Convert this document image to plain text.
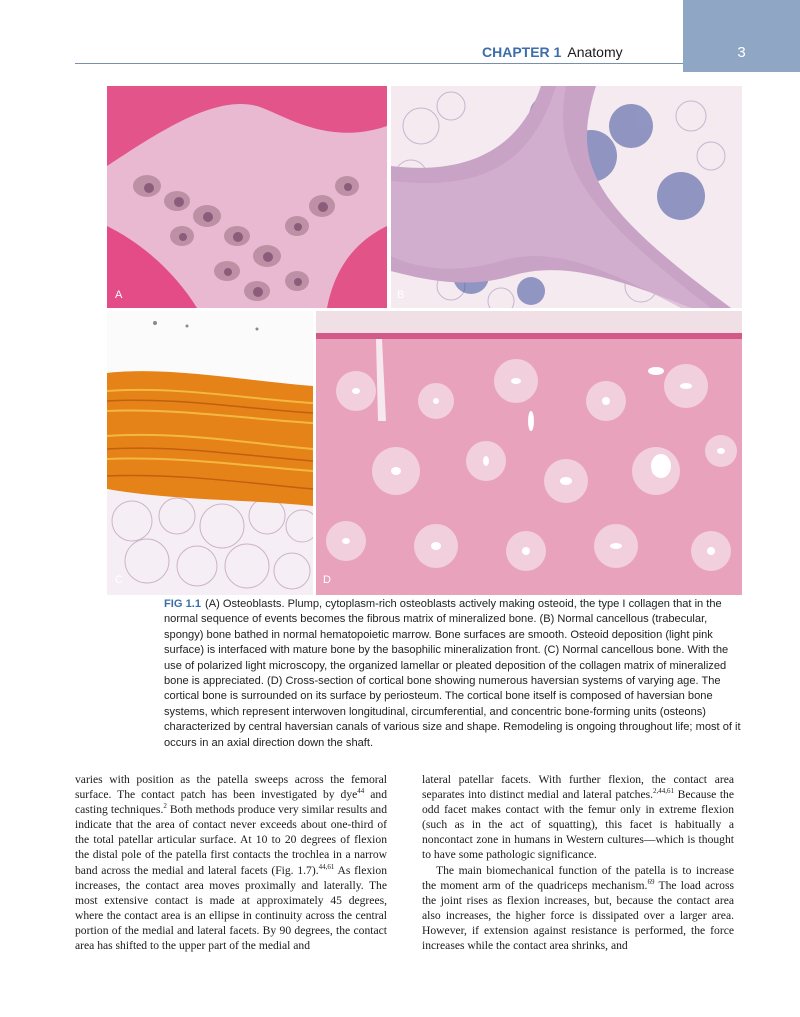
3
CHAPTER 1 Anatomy
A	B
C	D
FIG 1.1 (A) Osteoblasts. Plump, cytoplasm-rich osteoblasts actively making osteoid, the type I collagen that in the normal sequence of events becomes the fibrous matrix of mineralized bone. (B) Normal cancellous (trabecular, spongy) bone bathed in normal hematopoietic marrow. Bone surfaces are smooth. Osteoid deposition (light pink surface) is interfaced with mature bone by the basophilic mineralization front. (C) Normal cancellous bone. With the use of polarized light microscopy, the organized lamellar or pleated deposition of the collagen matrix of mineralized bone is appreciated. (D) Cross-section of cortical bone showing numerous haversian systems of varying age. The cortical bone is surrounded on its surface by periosteum. The cortical bone itself is composed of haversian bone systems, which represent interwoven longitudinal, circumferential, and concentric bone-forming units (osteons) characterized by central haversian canals of various size and shape. Remodeling is ongoing throughout life; most of it occurs in an axial direction down the shaft.

varies with position as the patella sweeps across the femoral surface. The contact patch has been investigated by dye$^{44}$ and casting techniques.$^2$ Both methods produce very similar results and indicate that the area of contact never exceeds about one-third of the total patellar articular surface. At 10 to 20 degrees of flexion the distal pole of the patella first contacts the trochlea in a narrow band across the medial and lateral facets (Fig. 1.7).$^{44,61}$ As flexion increases, the contact area moves proximally and laterally. The most extensive contact is made at approximately 45 degrees, where the contact area is an ellipse in continuity across the central portion of the medial and lateral facets. By 90 degrees, the contact area has shifted to the upper part of the medial and

lateral patellar facets. With further flexion, the contact area separates into distinct medial and lateral patches.$^{2,44,61}$ Because the odd facet makes contact with the femur only in extreme flexion (such as in the act of squatting), this facet is habitually a noncontact zone in humans in Western cultures—which is thought to have some pathologic significance.

The main biomechanical function of the patella is to increase the moment arm of the quadriceps mechanism.$^{69}$ The load across the joint rises as flexion increases, but, because the contact area also increases, the higher force is dissipated over a larger area. However, if extension against resistance is performed, the force increases while the contact area shrinks, and
